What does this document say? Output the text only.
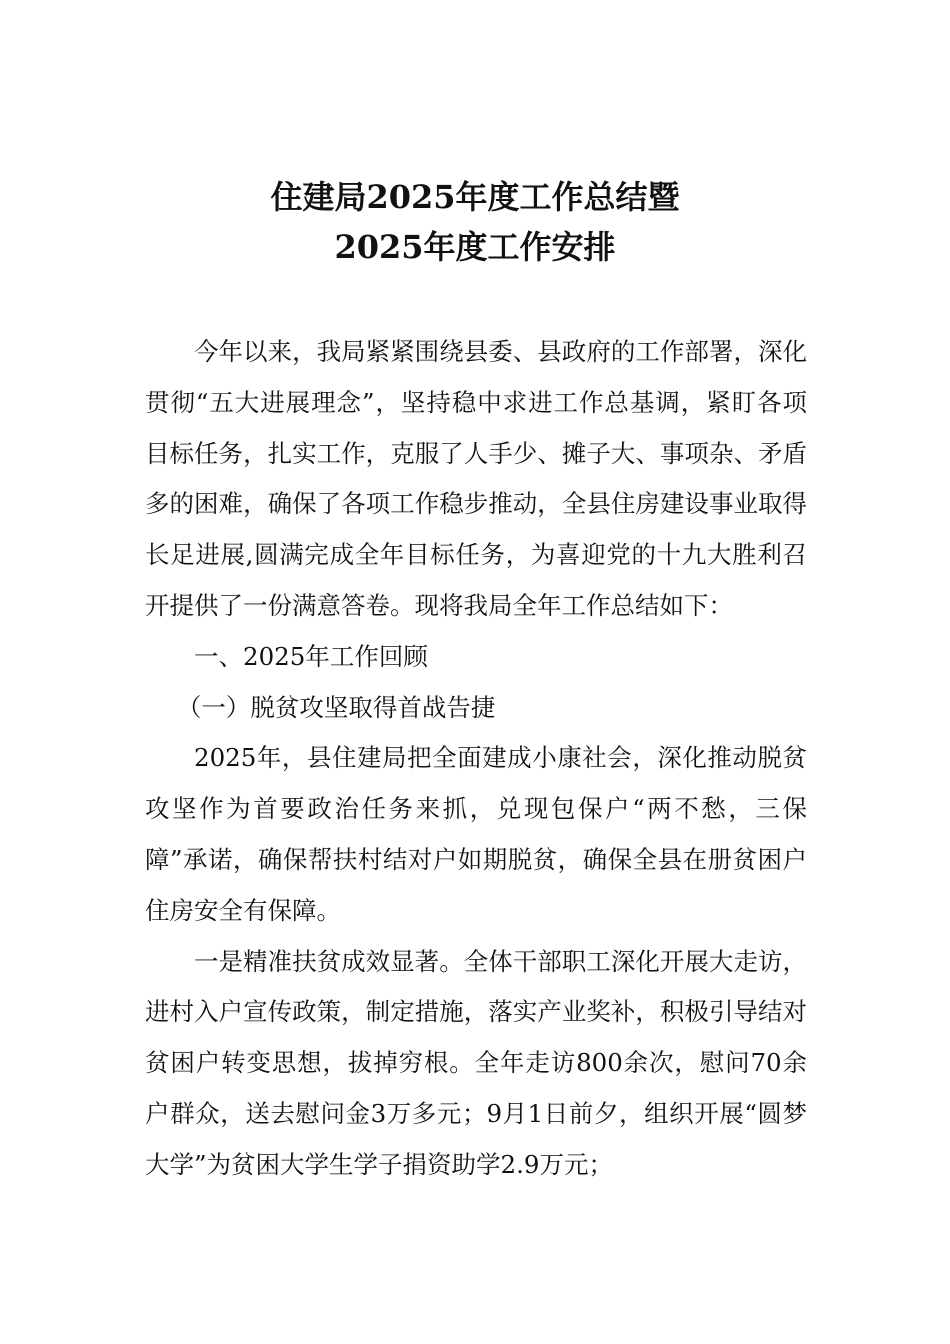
住建局2025年度工作总结暨
2025年度工作安排

今年以来，我局紧紧围绕县委、县政府的工作部署，深化贯彻“五大进展理念”，坚持稳中求进工作总基调，紧盯各项目标任务，扎实工作，克服了人手少、摊子大、事项杂、矛盾多的困难，确保了各项工作稳步推动，全县住房建设事业取得长足进展,圆满完成全年目标任务，为喜迎党的十九大胜利召开提供了一份满意答卷。现将我局全年工作总结如下：

一、2025年工作回顾

（一）脱贫攻坚取得首战告捷

2025年，县住建局把全面建成小康社会，深化推动脱贫攻坚作为首要政治任务来抓，兑现包保户“两不愁，三保障”承诺，确保帮扶村结对户如期脱贫，确保全县在册贫困户住房安全有保障。

一是精准扶贫成效显著。全体干部职工深化开展大走访，进村入户宣传政策，制定措施，落实产业奖补，积极引导结对贫困户转变思想，拔掉穷根。全年走访800余次，慰问70余户群众，送去慰问金3万多元；9月1日前夕，组织开展“圆梦大学”为贫困大学生学子捐资助学2.9万元；
